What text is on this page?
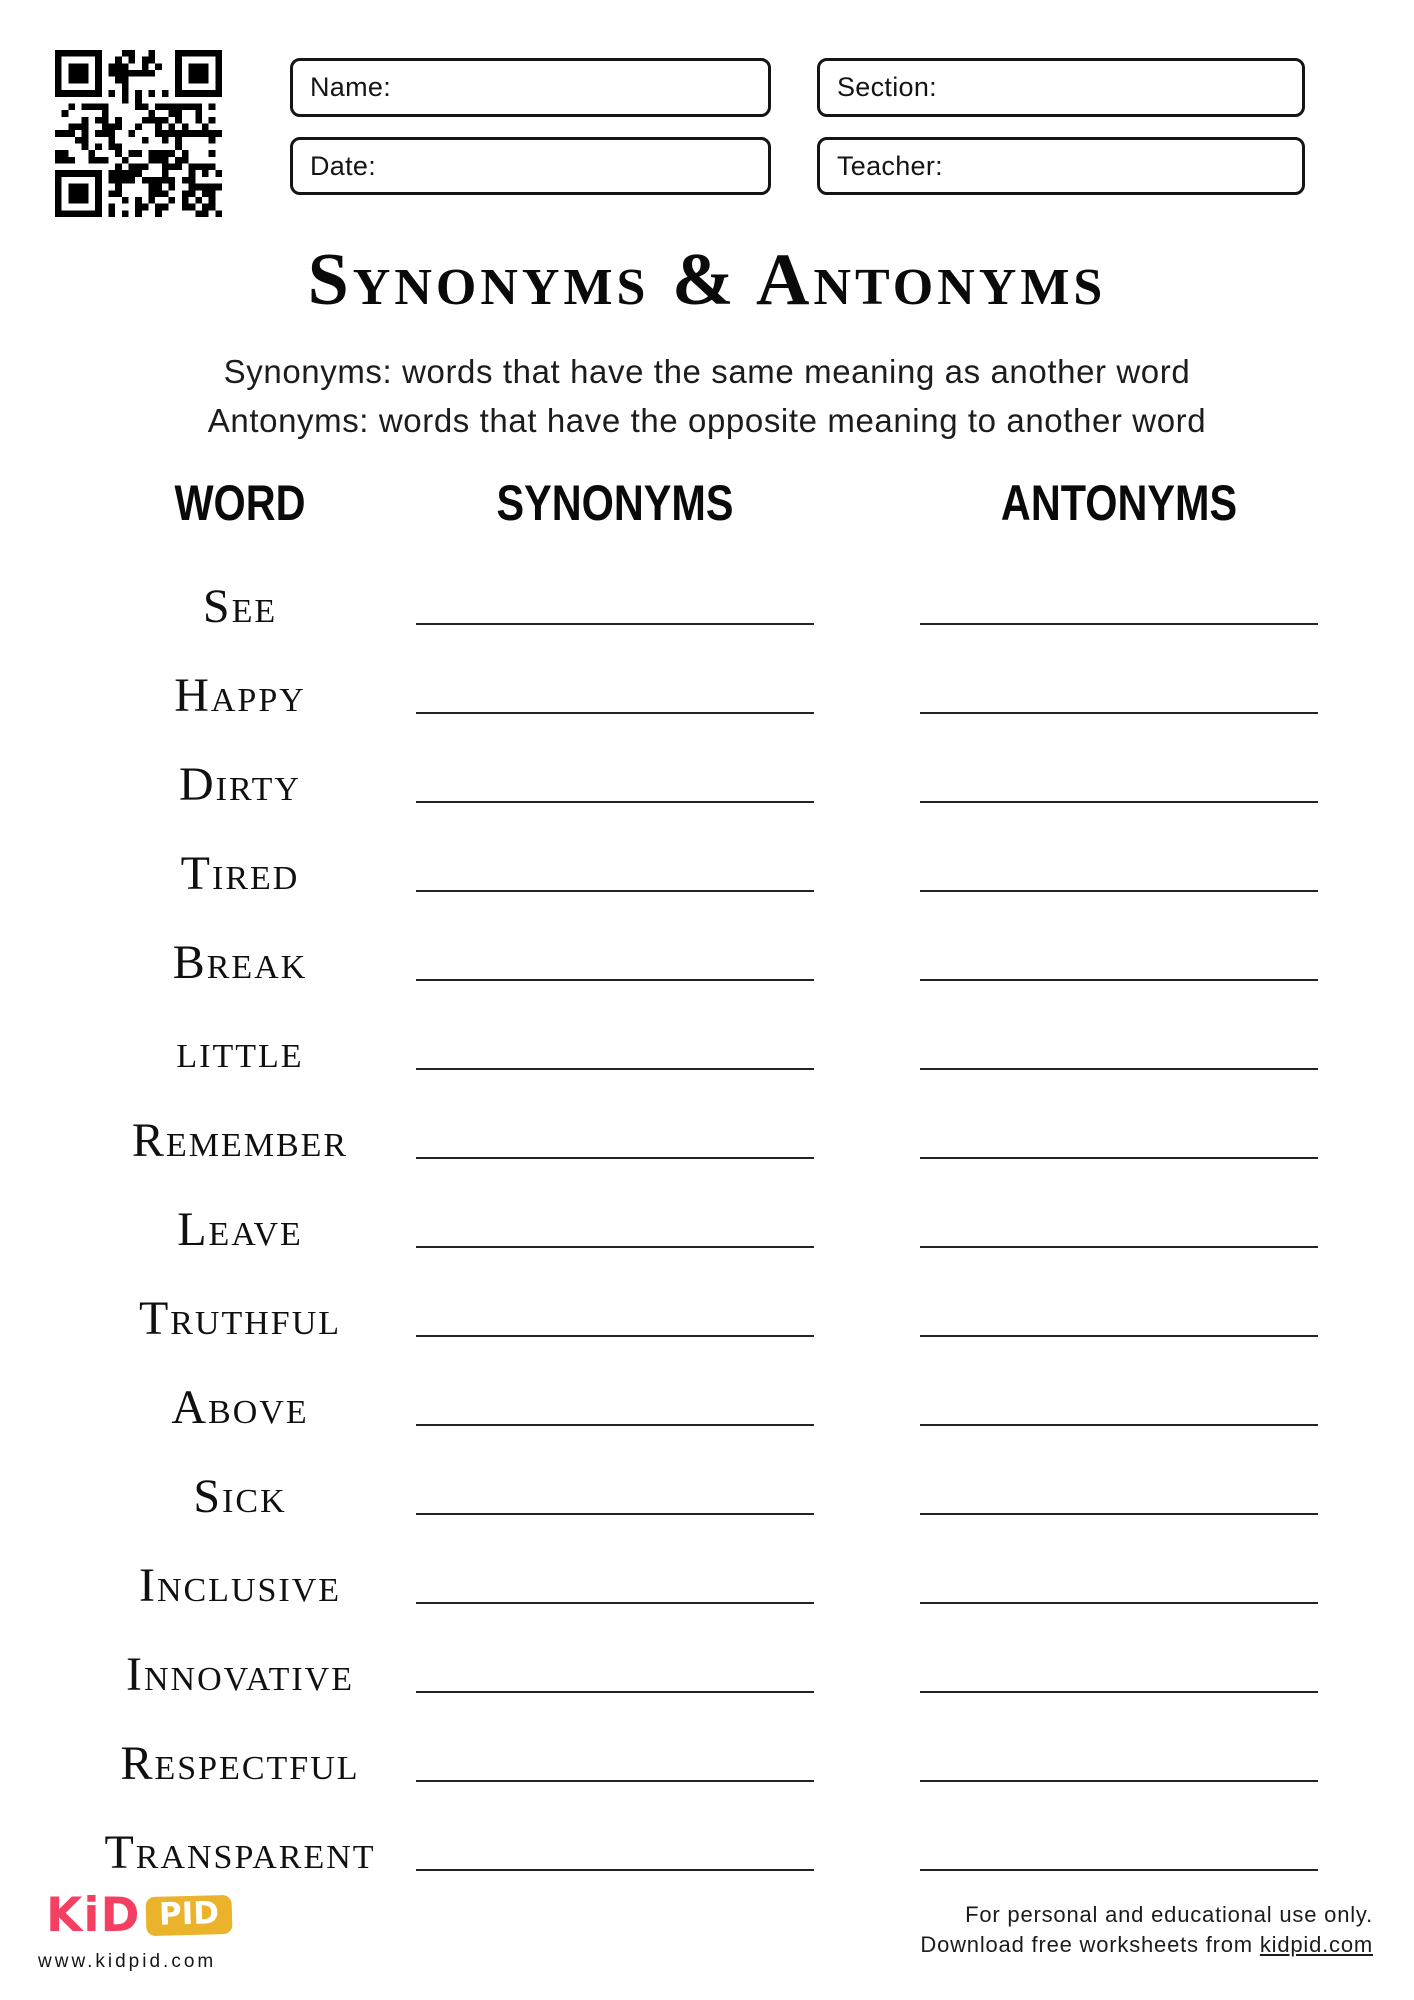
Name:
Date:
Section:
Teacher:
Synonyms & Antonyms
Synonyms: words that have the same meaning as another word
Antonyms: words that have the opposite meaning to another word
WORD	SYNONYMS	ANTONYMS
See
Happy
Dirty
Tired
Break
little
Remember
Leave
Truthful
Above
Sick
Inclusive
Innovative
Respectful
Transparent
KiD PID
www.kidpid.com
For personal and educational use only.
Download free worksheets from kidpid.com
